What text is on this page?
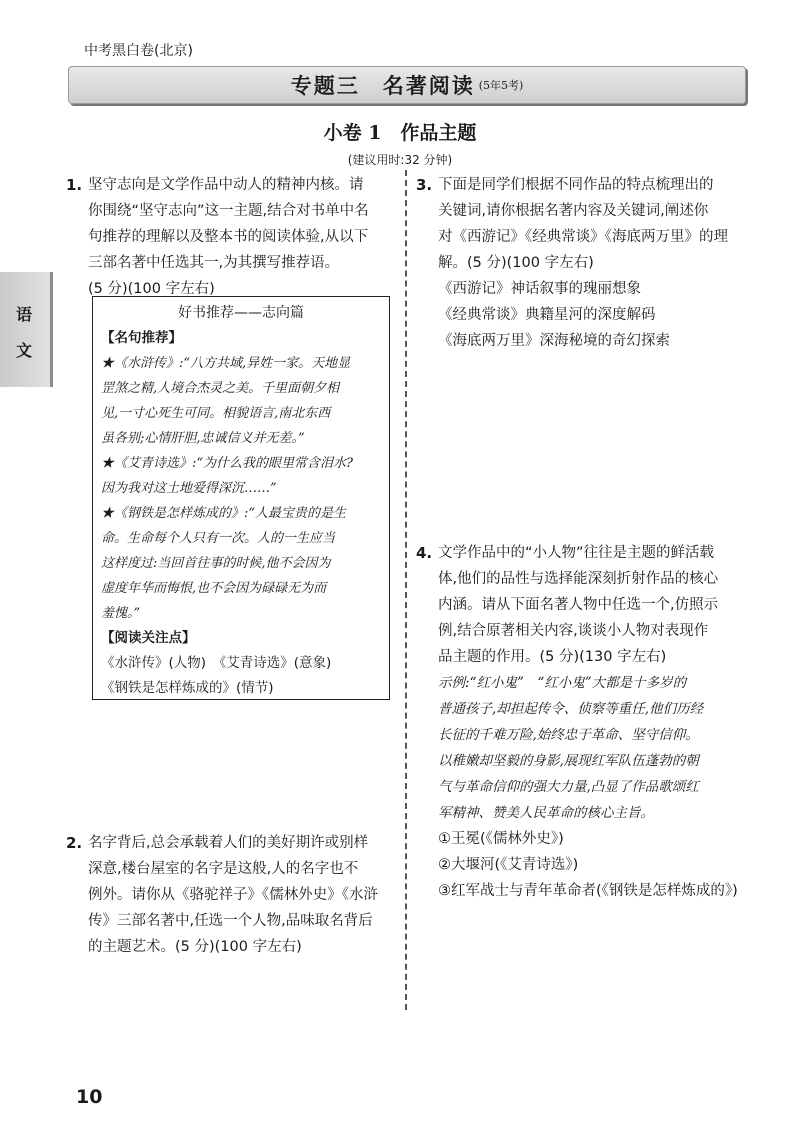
中考黑白卷(北京)
专题三　名著阅读 (5年5考)
小卷 1　作品主题
(建议用时:32 分钟)
语
文
1. 坚守志向是文学作品中动人的精神内核。请
你围绕“坚守志向”这一主题,结合对书单中名
句推荐的理解以及整本书的阅读体验,从以下
三部名著中任选其一,为其撰写推荐语。
(5 分)(100 字左右)
好书推荐——志向篇
【名句推荐】
★《水浒传》:“八方共域,异姓一家。天地显
罡煞之精,人境合杰灵之美。千里面朝夕相
见,一寸心死生可同。相貌语言,南北东西
虽各别;心情肝胆,忠诚信义并无差。”
★《艾青诗选》:“为什么我的眼里常含泪水?
因为我对这土地爱得深沉……”
★《钢铁是怎样炼成的》:“人最宝贵的是生
命。生命每个人只有一次。人的一生应当
这样度过:当回首往事的时候,他不会因为
虚度年华而悔恨,也不会因为碌碌无为而
羞愧。”
【阅读关注点】
《水浒传》(人物)　《艾青诗选》(意象)
《钢铁是怎样炼成的》(情节)
2. 名字背后,总会承载着人们的美好期许或别样
深意,楼台屋室的名字是这般,人的名字也不
例外。请你从《骆驼祥子》《儒林外史》《水浒
传》三部名著中,任选一个人物,品味取名背后
的主题艺术。(5 分)(100 字左右)
3. 下面是同学们根据不同作品的特点梳理出的
关键词,请你根据名著内容及关键词,阐述你
对《西游记》《经典常谈》《海底两万里》的理
解。(5 分)(100 字左右)
《西游记》神话叙事的瑰丽想象
《经典常谈》典籍星河的深度解码
《海底两万里》深海秘境的奇幻探索
4. 文学作品中的“小人物”往往是主题的鲜活载
体,他们的品性与选择能深刻折射作品的核心
内涵。请从下面名著人物中任选一个,仿照示
例,结合原著相关内容,谈谈小人物对表现作
品主题的作用。(5 分)(130 字左右)
示例:“红小鬼”　“红小鬼”大都是十多岁的
普通孩子,却担起传令、侦察等重任,他们历经
长征的千难万险,始终忠于革命、坚守信仰。
以稚嫩却坚毅的身影,展现红军队伍蓬勃的朝
气与革命信仰的强大力量,凸显了作品歌颂红
军精神、赞美人民革命的核心主旨。
①王冕(《儒林外史》)
②大堰河(《艾青诗选》)
③红军战士与青年革命者(《钢铁是怎样炼成的》)
10
